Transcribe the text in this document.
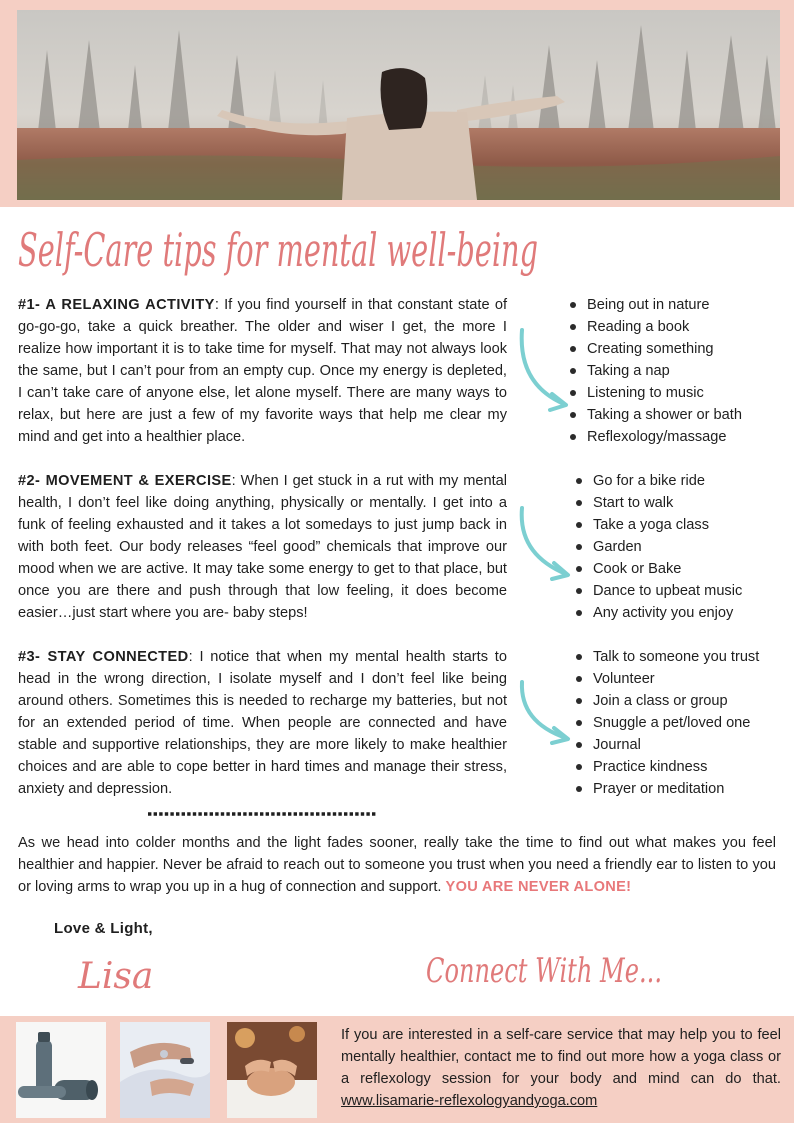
Self-Care tips for mental well-being
#1- A RELAXING ACTIVITY: If you find yourself in that constant state of go-go-go, take a quick breather. The older and wiser I get, the more I realize how important it is to take time for myself. That may not always look the same, but I can’t pour from an empty cup. Once my energy is depleted, I can’t take care of anyone else, let alone myself. There are many ways to relax, but here are just a few of my favorite ways that help me clear my mind and get into a healthier place.
Being out in nature
Reading a book
Creating something
Taking a nap
Listening to music
Taking a shower or bath
Reflexology/massage
#2- MOVEMENT & EXERCISE: When I get stuck in a rut with my mental health, I don’t feel like doing anything, physically or mentally. I get into a funk of feeling exhausted and it takes a lot somedays to just jump back in with both feet. Our body releases “feel good” chemicals that improve our mood when we are active. It may take some energy to get to that place, but once you are there and push through that low feeling, it does become easier…just start where you are- baby steps!
Go for a bike ride
Start to walk
Take a yoga class
Garden
Cook or Bake
Dance to upbeat music
Any activity you enjoy
#3- STAY CONNECTED: I notice that when my mental health starts to head in the wrong direction, I isolate myself and I don’t feel like being around others. Sometimes this is needed to recharge my batteries, but not for an extended period of time. When people are connected and have stable and supportive relationships, they are more likely to make healthier choices and are able to cope better in hard times and manage their stress, anxiety and depression.
Talk to someone you trust
Volunteer
Join a class or group
Snuggle a pet/loved one
Journal
Practice kindness
Prayer or meditation
As we head into colder months and the light fades sooner, really take the time to find out what makes you feel healthier and happier. Never be afraid to reach out to someone you trust when you need a friendly ear to listen to you or loving arms to wrap you up in a hug of connection and support. YOU ARE NEVER ALONE!
Love & Light,
Lisa	Connect With Me...
If you are interested in a self-care service that may help you to feel mentally healthier, contact me to find out more how a yoga class or a reflexology session for your body and mind can do that. www.lisamarie-reflexologyandyoga.com
